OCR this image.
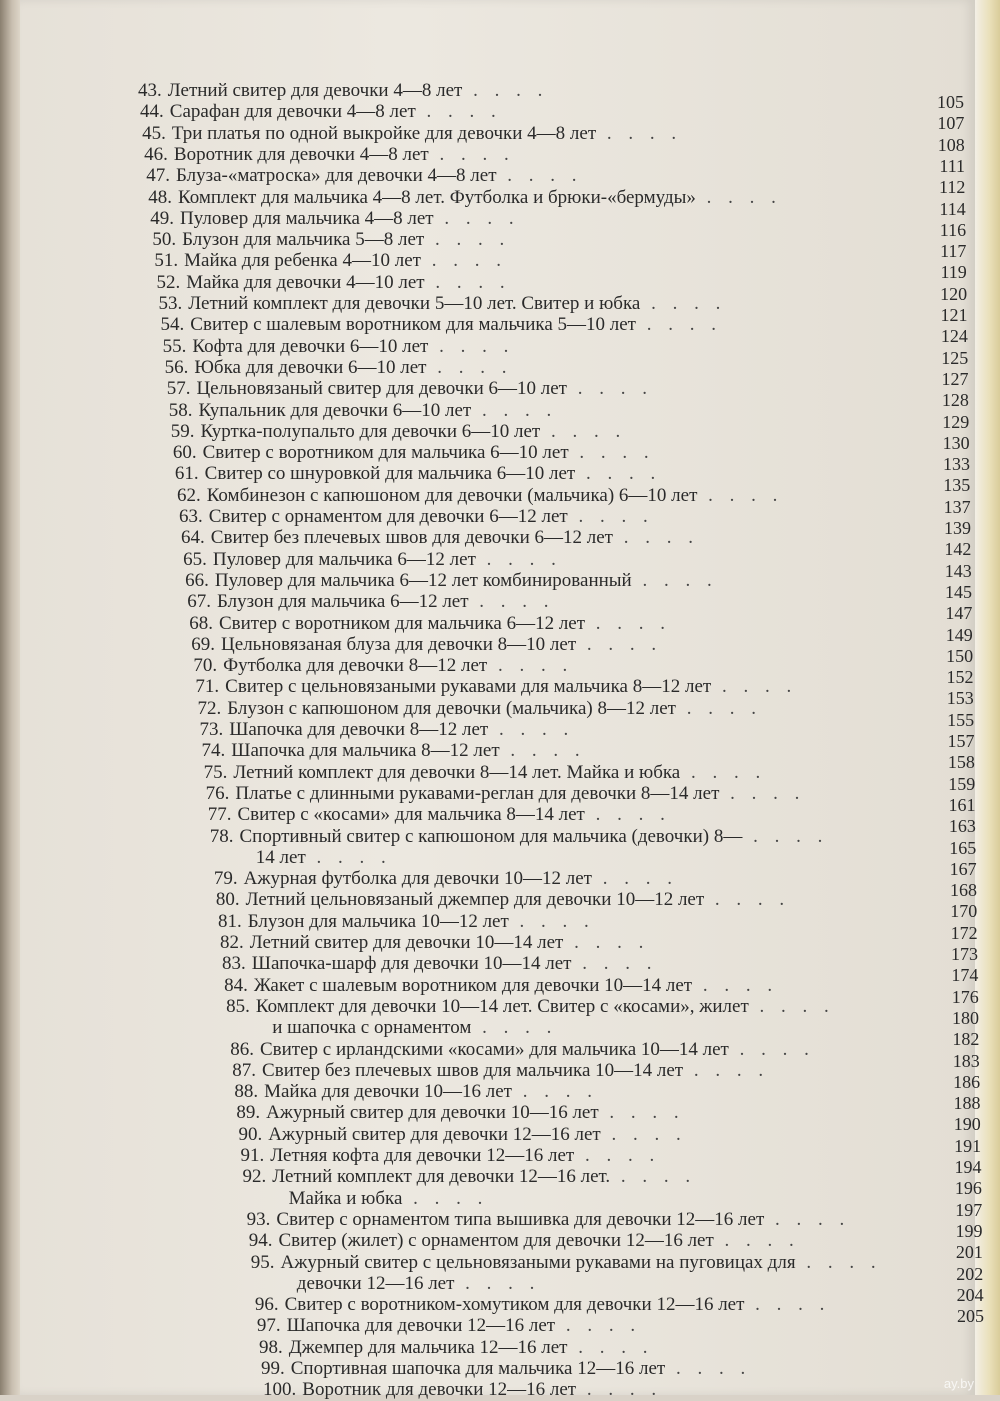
43. Летний свитер для девочки 4—8 лет . . . .
105
44. Сарафан для девочки 4—8 лет . . . .
107
45. Три платья по одной выкройке для девочки 4—8 лет . . . .
108
46. Воротник для девочки 4—8 лет . . . .
111
47. Блуза-«матроска» для девочки 4—8 лет . . . .
112
48. Комплект для мальчика 4—8 лет. Футболка и брюки-«бермуды» . . . .
114
49. Пуловер для мальчика 4—8 лет . . . .
116
50. Блузон для мальчика 5—8 лет . . . .
117
51. Майка для ребенка 4—10 лет . . . .
119
52. Майка для девочки 4—10 лет . . . .
120
53. Летний комплект для девочки 5—10 лет. Свитер и юбка . . . .
121
54. Свитер с шалевым воротником для мальчика 5—10 лет . . . .
124
55. Кофта для девочки 6—10 лет . . . .
125
56. Юбка для девочки 6—10 лет . . . .
127
57. Цельновязаный свитер для девочки 6—10 лет . . . .
128
58. Купальник для девочки 6—10 лет . . . .
129
59. Куртка-полупальто для девочки 6—10 лет . . . .
130
60. Свитер с воротником для мальчика 6—10 лет . . . .
133
61. Свитер со шнуровкой для мальчика 6—10 лет . . . .
135
62. Комбинезон с капюшоном для девочки (мальчика) 6—10 лет . . . .
137
63. Свитер с орнаментом для девочки 6—12 лет . . . .
139
64. Свитер без плечевых швов для девочки 6—12 лет . . . .
142
65. Пуловер для мальчика 6—12 лет . . . .
143
66. Пуловер для мальчика 6—12 лет комбинированный . . . .
145
67. Блузон для мальчика 6—12 лет . . . .
147
68. Свитер с воротником для мальчика 6—12 лет . . . .
149
69. Цельновязаная блуза для девочки 8—10 лет . . . .
150
70. Футболка для девочки 8—12 лет . . . .
152
71. Свитер с цельновязаными рукавами для мальчика 8—12 лет . . . .
153
72. Блузон с капюшоном для девочки (мальчика) 8—12 лет . . . .
155
73. Шапочка для девочки 8—12 лет . . . .
157
74. Шапочка для мальчика 8—12 лет . . . .
158
75. Летний комплект для девочки 8—14 лет. Майка и юбка . . . .
159
76. Платье с длинными рукавами-реглан для девочки 8—14 лет . . . .
161
77. Свитер с «косами» для мальчика 8—14 лет . . . .
163
78. Спортивный свитер с капюшоном для мальчика (девочки) 8— . . . .
165
14 лет . . . .
167
79. Ажурная футболка для девочки 10—12 лет . . . .
168
80. Летний цельновязаный джемпер для девочки 10—12 лет . . . .
170
81. Блузон для мальчика 10—12 лет . . . .
172
82. Летний свитер для девочки 10—14 лет . . . .
173
83. Шапочка-шарф для девочки 10—14 лет . . . .
174
84. Жакет с шалевым воротником для девочки 10—14 лет . . . .
176
85. Комплект для девочки 10—14 лет. Свитер с «косами», жилет . . . .
180
и шапочка с орнаментом . . . .
182
86. Свитер с ирландскими «косами» для мальчика 10—14 лет . . . .
183
87. Свитер без плечевых швов для мальчика 10—14 лет . . . .
186
88. Майка для девочки 10—16 лет . . . .
188
89. Ажурный свитер для девочки 10—16 лет . . . .
190
90. Ажурный свитер для девочки 12—16 лет . . . .
191
91. Летняя кофта для девочки 12—16 лет . . . .
194
92. Летний комплект для девочки 12—16 лет. . . . .
196
Майка и юбка . . . .
197
93. Свитер с орнаментом типа вышивка для девочки 12—16 лет . . . .
199
94. Свитер (жилет) с орнаментом для девочки 12—16 лет . . . .
201
95. Ажурный свитер с цельновязаными рукавами на пуговицах для . . . .
202
девочки 12—16 лет . . . .
204
96. Свитер с воротником-хомутиком для девочки 12—16 лет . . . .
205
97. Шапочка для девочки 12—16 лет . . . .
98. Джемпер для мальчика 12—16 лет . . . .
99. Спортивная шапочка для мальчика 12—16 лет . . . .
100. Воротник для девочки 12—16 лет . . . .	ay.by
